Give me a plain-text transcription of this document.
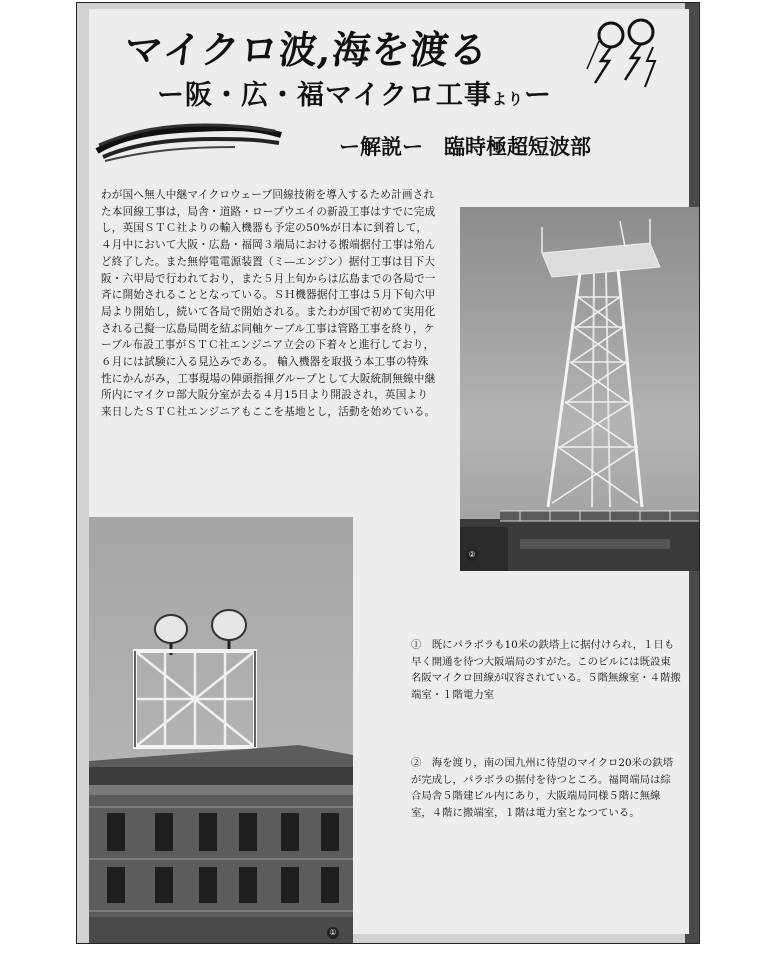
マイクロ波,海を渡る
ー阪・広・福マイクロ工事よりー
ー解説ー　臨時極超短波部

わが国へ無人中継マイクロウェーブ回線技術を導入するため計画された本回線工事は，局舎・道路・ロープウエイの新設工事はすでに完成し，英国ＳＴＣ社よりの輸入機器も予定の50%が日本に到着して，４月中において大阪・広島・福岡３端局における搬端据付工事は殆んど終了した。また無停電電源装置（ミ―エンジン）据付工事は目下大阪・六甲局で行われており，また５月上旬からは広島までの各局で一斉に開始されることとなっている。ＳＨ機器据付工事は５月下旬六甲局より開始し，続いて各局で開始される。またわが国で初めて実用化される己擬一広島局間を結ぶ同軸ケーブル工事は管路工事を終り，ケーブル布設工事がＳＴＣ社エンジニア立会の下着々と進行しており，６月には試験に入る見込みである。 輸入機器を取扱う本工事の特殊性にかんがみ，工事現場の陣頭指揮グループとして大阪統制無線中継所内にマイクロ部大阪分室が去る４月15日より開設され，英国より来日したＳＴＣ社エンジニアもここを基地とし，活動を始めている。

②
①

①　既にパラボラも10米の鉄塔上に据付けられ，１日も早く開通を待つ大阪端局のすがた。このビルには既設東名阪マイクロ回線が収容されている。５階無線室・４階搬端室・１階電力室

②　海を渡り，南の国九州に待望のマイクロ20米の鉄塔が完成し，パラボラの据付を待つところ。福岡端局は綜合局舎５階建ビル内にあり，大阪端局同様５階に無線室，４階に搬端室，１階は電力室となつている。
